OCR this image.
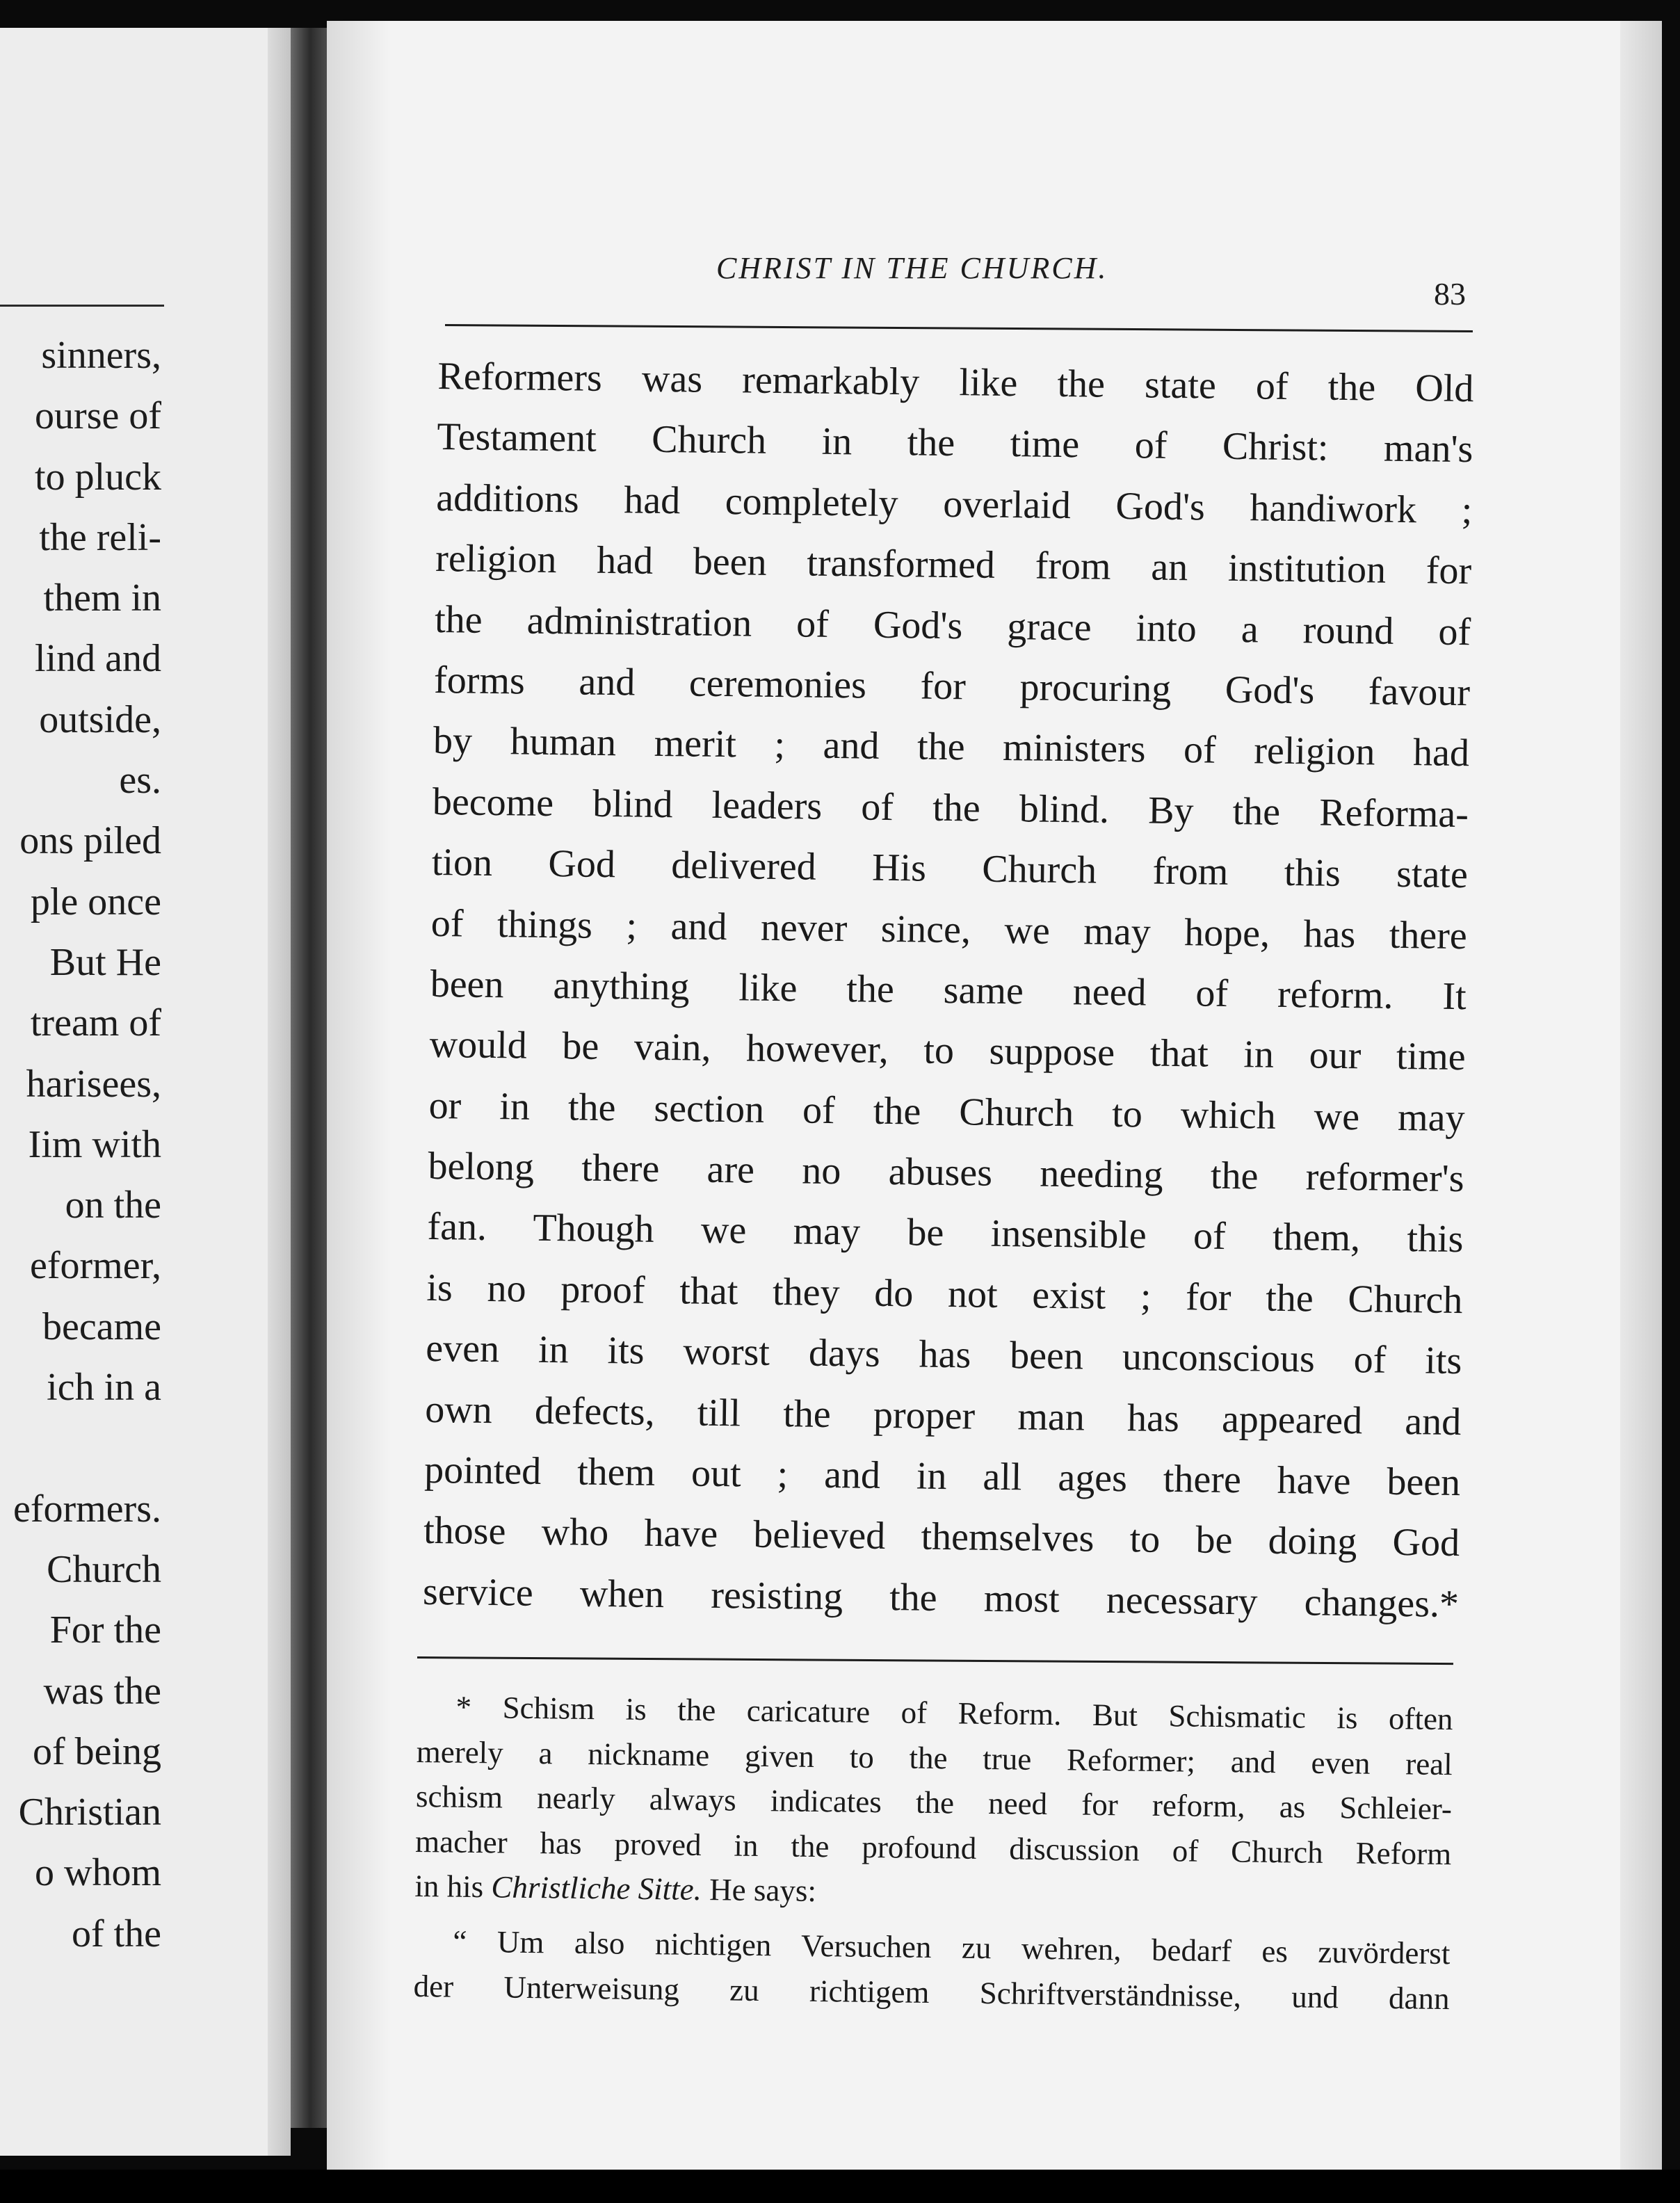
sinners,
ourse of
to pluck
the reli-
them in
lind and
outside,
es.
ons piled
ple once
But He
tream of
harisees,
Iim with
on the
eformer,
became
ich in a
eformers.
Church
For the
was the
of being
Christian
o whom
of the
CHRIST IN THE CHURCH.
83
Reformers was remarkably like the state of the Old
Testament Church in the time of Christ: man's
additions had completely overlaid God's handiwork ;
religion had been transformed from an institution for
the administration of God's grace into a round of
forms and ceremonies for procuring God's favour
by human merit ; and the ministers of religion had
become blind leaders of the blind. By the Reforma-
tion God delivered His Church from this state
of things ; and never since, we may hope, has there
been anything like the same need of reform. It
would be vain, however, to suppose that in our time
or in the section of the Church to which we may
belong there are no abuses needing the reformer's
fan. Though we may be insensible of them, this
is no proof that they do not exist ; for the Church
even in its worst days has been unconscious of its
own defects, till the proper man has appeared and
pointed them out ; and in all ages there have been
those who have believed themselves to be doing God
service when resisting the most necessary changes.*
* Schism is the caricature of Reform. But Schismatic is often
merely a nickname given to the true Reformer; and even real
schism nearly always indicates the need for reform, as Schleier-
macher has proved in the profound discussion of Church Reform
in his Christliche Sitte. He says:
“ Um also nichtigen Versuchen zu wehren, bedarf es zuvörderst
der Unterweisung zu richtigem Schriftverständnisse, und dann
